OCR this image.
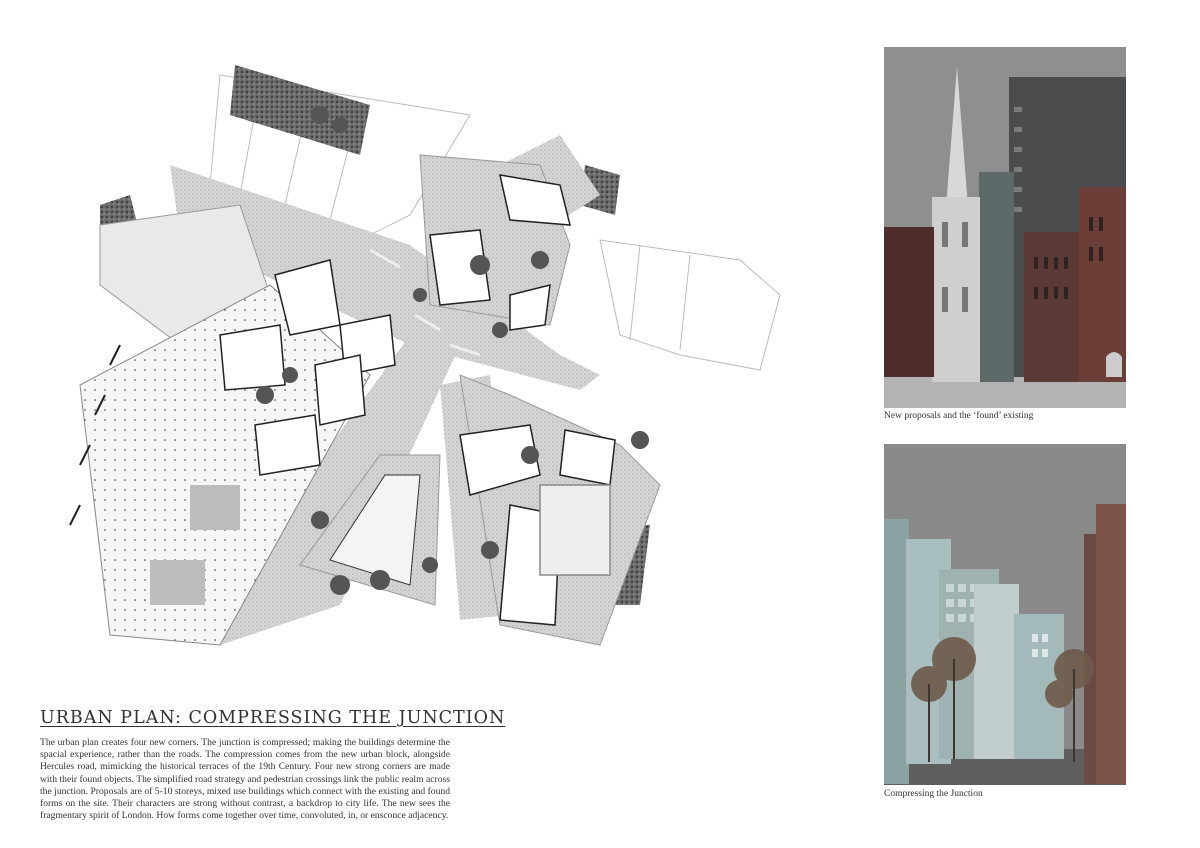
URBAN PLAN: COMPRESSING THE JUNCTION

The urban plan creates four new corners. The junction is compressed; making the buildings determine the spacial experience, rather than the roads. The compression comes from the new urban block, alongside Hercules road, mimicking the historical terraces of the 19th Century. Four new strong corners are made with their found objects. The simplified road strategy and pedestrian crossings link the public realm across the junction. Proposals are of 5-10 storeys, mixed use buildings which connect with the existing and found forms on the site. Their characters are strong without contrast, a backdrop to city life. The new sees the fragmentary spirit of London. How forms come together over time, convoluted, in, or ensconce adjacency.

New proposals and the ‘found’ existing

Compressing the Junction
